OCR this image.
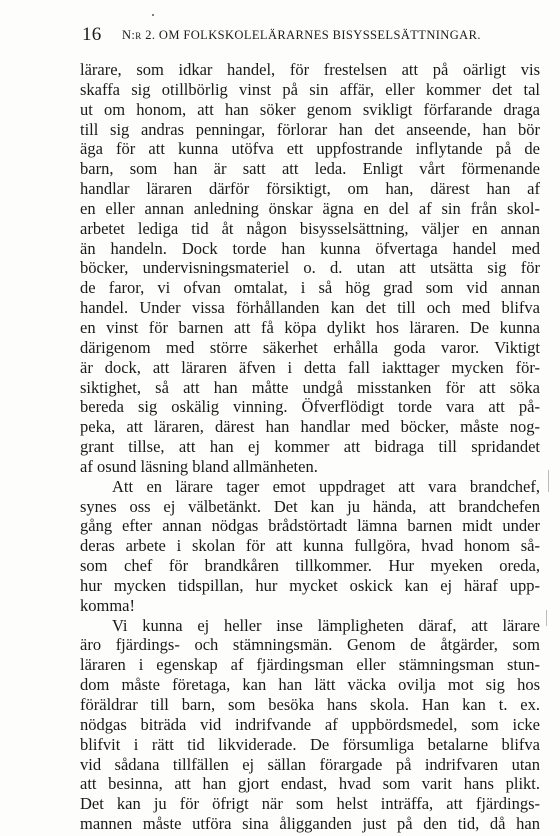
16 N:r 2. OM FOLKSKOLELÄRARNES BISYSSELSÄTTNINGAR.
lärare, som idkar handel, för frestelsen att på oärligt vis
skaffa sig otillbörlig vinst på sin affär, eller kommer det tal
ut om honom, att han söker genom svikligt förfarande draga
till sig andras penningar, förlorar han det anseende, han bör
äga för att kunna utöfva ett uppfostrande inflytande på de
barn, som han är satt att leda. Enligt vårt förmenande
handlar läraren därför försiktigt, om han, därest han af
en eller annan anledning önskar ägna en del af sin från skol-
arbetet lediga tid åt någon bisysselsättning, väljer en annan
än handeln. Dock torde han kunna öfvertaga handel med
böcker, undervisningsmateriel o. d. utan att utsätta sig för
de faror, vi ofvan omtalat, i så hög grad som vid annan
handel. Under vissa förhållanden kan det till och med blifva
en vinst för barnen att få köpa dylikt hos läraren. De kunna
därigenom med större säkerhet erhålla goda varor. Viktigt
är dock, att läraren äfven i detta fall iakttager mycken för-
siktighet, så att han måtte undgå misstanken för att söka
bereda sig oskälig vinning. Öfverflödigt torde vara att på-
peka, att läraren, därest han handlar med böcker, måste nog-
grant tillse, att han ej kommer att bidraga till spridandet
af osund läsning bland allmänheten.
Att en lärare tager emot uppdraget att vara brandchef,
synes oss ej välbetänkt. Det kan ju hända, att brandchefen
gång efter annan nödgas brådstörtadt lämna barnen midt under
deras arbete i skolan för att kunna fullgöra, hvad honom så-
som chef för brandkåren tillkommer. Hur myeken oreda,
hur mycken tidspillan, hur mycket oskick kan ej häraf upp-
komma!
Vi kunna ej heller inse lämpligheten däraf, att lärare
äro fjärdings- och stämningsmän. Genom de åtgärder, som
läraren i egenskap af fjärdingsman eller stämningsman stun-
dom måste företaga, kan han lätt väcka ovilja mot sig hos
föräldrar till barn, som besöka hans skola. Han kan t. ex.
nödgas biträda vid indrifvande af uppbördsmedel, som icke
blifvit i rätt tid likviderade. De försumliga betalarne blifva
vid sådana tillfällen ej sällan förargade på indrifvaren utan
att besinna, att han gjort endast, hvad som varit hans plikt.
Det kan ju för öfrigt när som helst inträffa, att fjärdings-
mannen måste utföra sina åligganden just på den tid, då han
